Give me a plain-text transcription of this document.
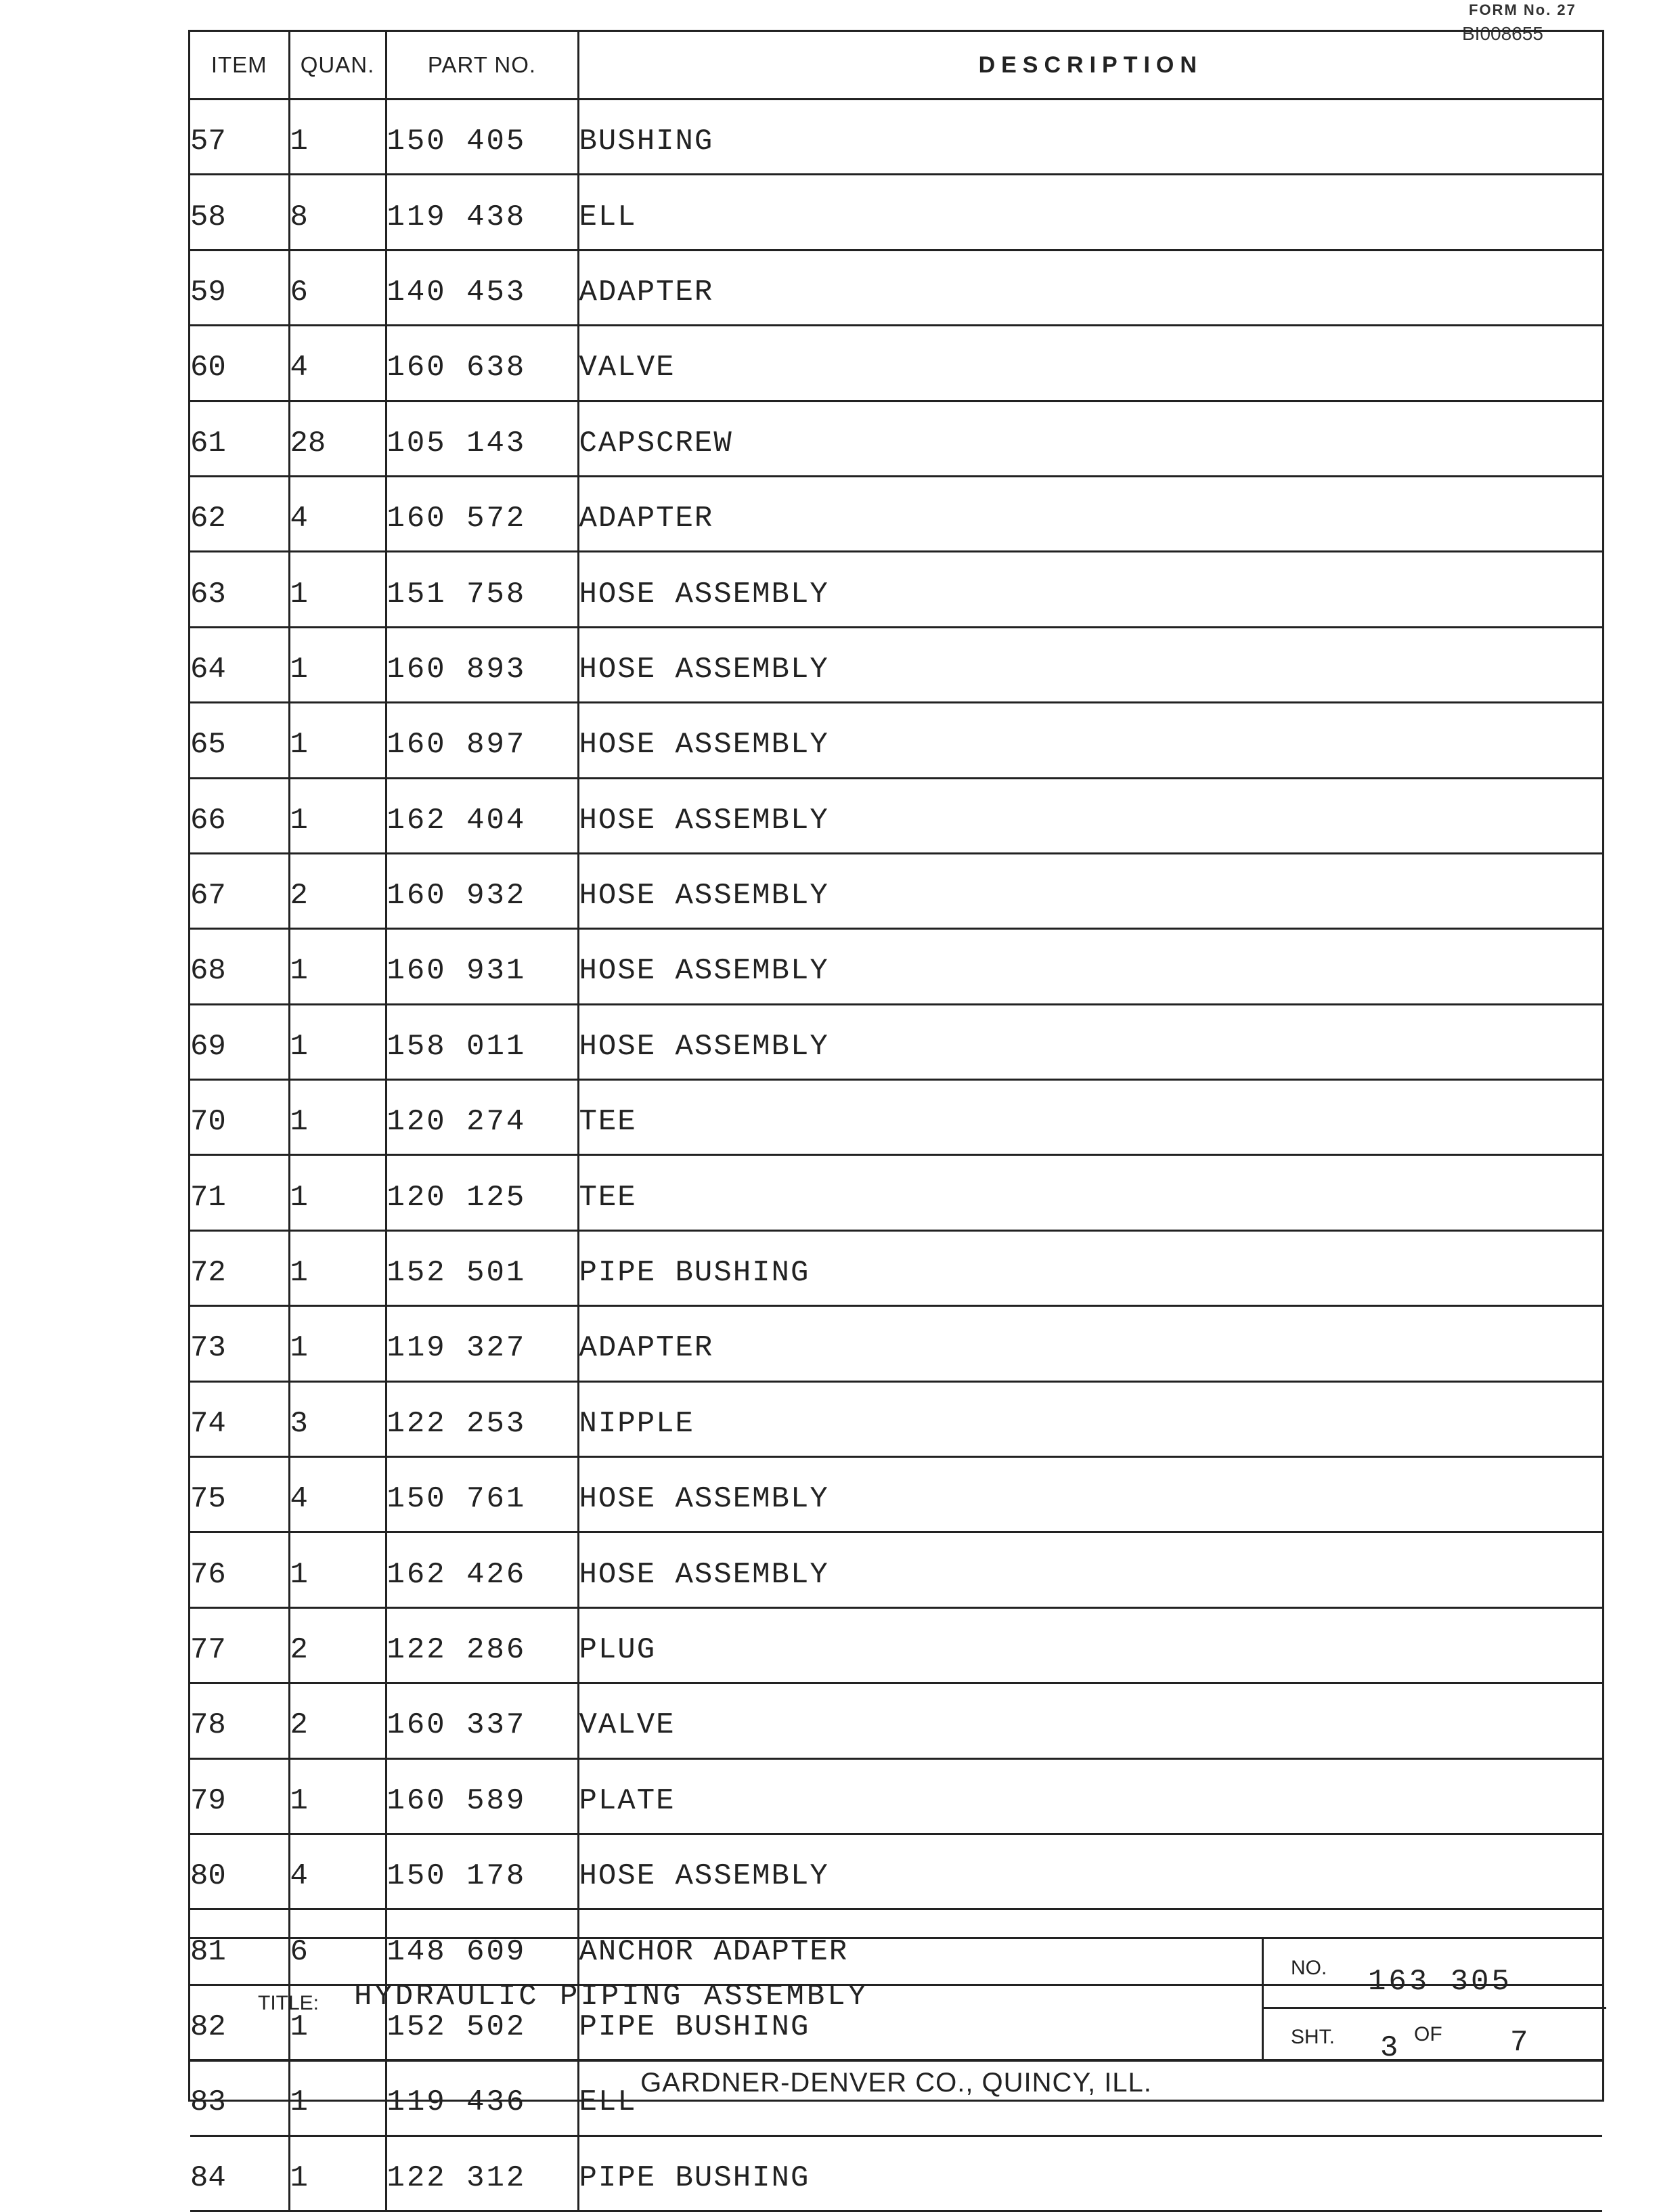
FORM No. 27
BI008655
ITEM	QUAN.	PART NO.	DESCRIPTION
57	1	150 405	BUSHING
58	8	119 438	ELL
59	6	140 453	ADAPTER
60	4	160 638	VALVE
61	28	105 143	CAPSCREW
62	4	160 572	ADAPTER
63	1	151 758	HOSE ASSEMBLY
64	1	160 893	HOSE ASSEMBLY
65	1	160 897	HOSE ASSEMBLY
66	1	162 404	HOSE ASSEMBLY
67	2	160 932	HOSE ASSEMBLY
68	1	160 931	HOSE ASSEMBLY
69	1	158 011	HOSE ASSEMBLY
70	1	120 274	TEE
71	1	120 125	TEE
72	1	152 501	PIPE BUSHING
73	1	119 327	ADAPTER
74	3	122 253	NIPPLE
75	4	150 761	HOSE ASSEMBLY
76	1	162 426	HOSE ASSEMBLY
77	2	122 286	PLUG
78	2	160 337	VALVE
79	1	160 589	PLATE
80	4	150 178	HOSE ASSEMBLY
81	6	148 609	ANCHOR ADAPTER
82	1	152 502	PIPE BUSHING
83	1	119 436	ELL
84	1	122 312	PIPE BUSHING
TITLE: HYDRAULIC PIPING ASSEMBLY
NO. 163 305
SHT. 3 OF 7
GARDNER-DENVER CO., QUINCY, ILL.
